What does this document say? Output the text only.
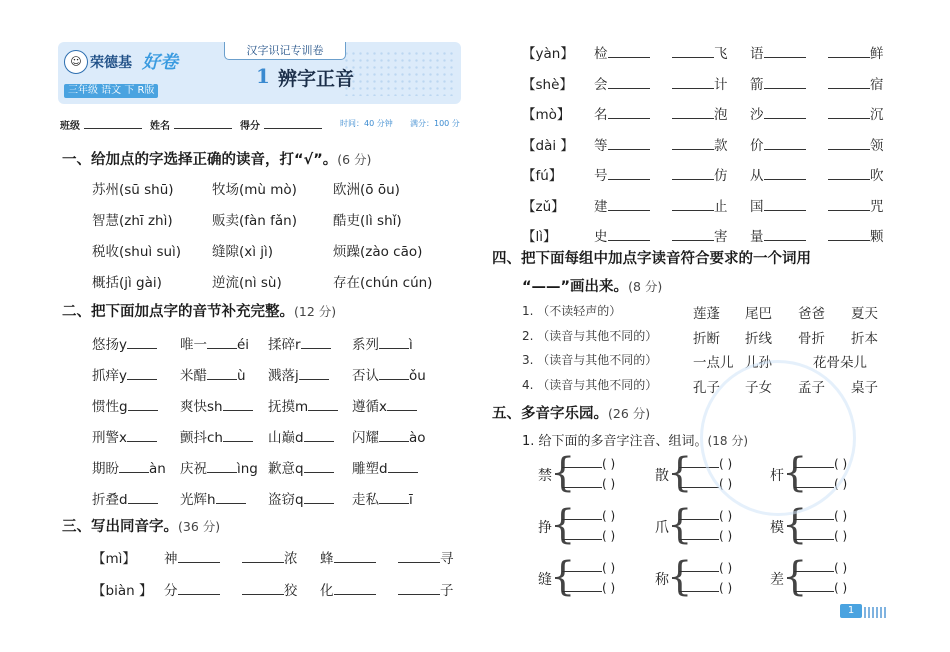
☺ 荣德基 好卷
三年级 语文 下 R版
汉字识记专训卷
1 辨字正音
班级	姓名	得分	时间：40 分钟 满分：100 分
一、给加点的字选择正确的读音，打“√”。(6 分)
苏州(sū shū)	牧场(mù mò)	欧洲(ō ōu)
智慧(zhī zhì)	贩卖(fàn fǎn)	酷吏(lì shǐ)
税收(shuì suì) 缝隙(xì jì)	烦躁(zào cāo)
概括(jì gài)	逆流(nì sù)	存在(chún cún)
二、把下面加点字的音节补充完整。(12 分)
悠扬y	唯一 éi 揉碎r	系列 ì
抓痒y	米醋 ù 溅落j	否认 ǒu
惯性g	爽快sh	抚摸m	遵循x
刑警x	颤抖ch	山巅d	闪耀 ào
期盼 àn 庆祝 ìng 歉意q	雕塑d
折叠d	光辉h	盗窃q	走私 ī
三、写出同音字。(36 分)
【mì】 神	浓 蜂	寻
【biàn 】 分	狡 化	子
【yàn】 检	飞 语	鲜
【shè】 会	计 箭	宿
【mò】 名	泡 沙	沉
【dài 】 等	款 价	领
【fú】 号	仿 从	吹
【zǔ】 建	止 国	咒
【lì】	史	害 量	颗
四、把下面每组中加点字读音符合要求的一个词用
“——”画出来。(8 分)
1. （不读轻声的）	莲蓬 尾巴 爸爸 夏天
2. （读音与其他不同的）	折断 折线 骨折 折本
3. （读音与其他不同的）	一点儿 儿孙	花骨朵儿
4. （读音与其他不同的）	孔子 子女 孟子 桌子
五、多音字乐园。(26 分)
1. 给下面的多音字注音、组词。(18 分)
禁
{	( )
( )	散
{	( )
( )	杆
{	( )
( )
挣
{	( )
( )	爪
{	( )
( )	模
{	( )
( )
缝
{	( )
( )	称
{	( )
( )	差
{	( )
( )
1
